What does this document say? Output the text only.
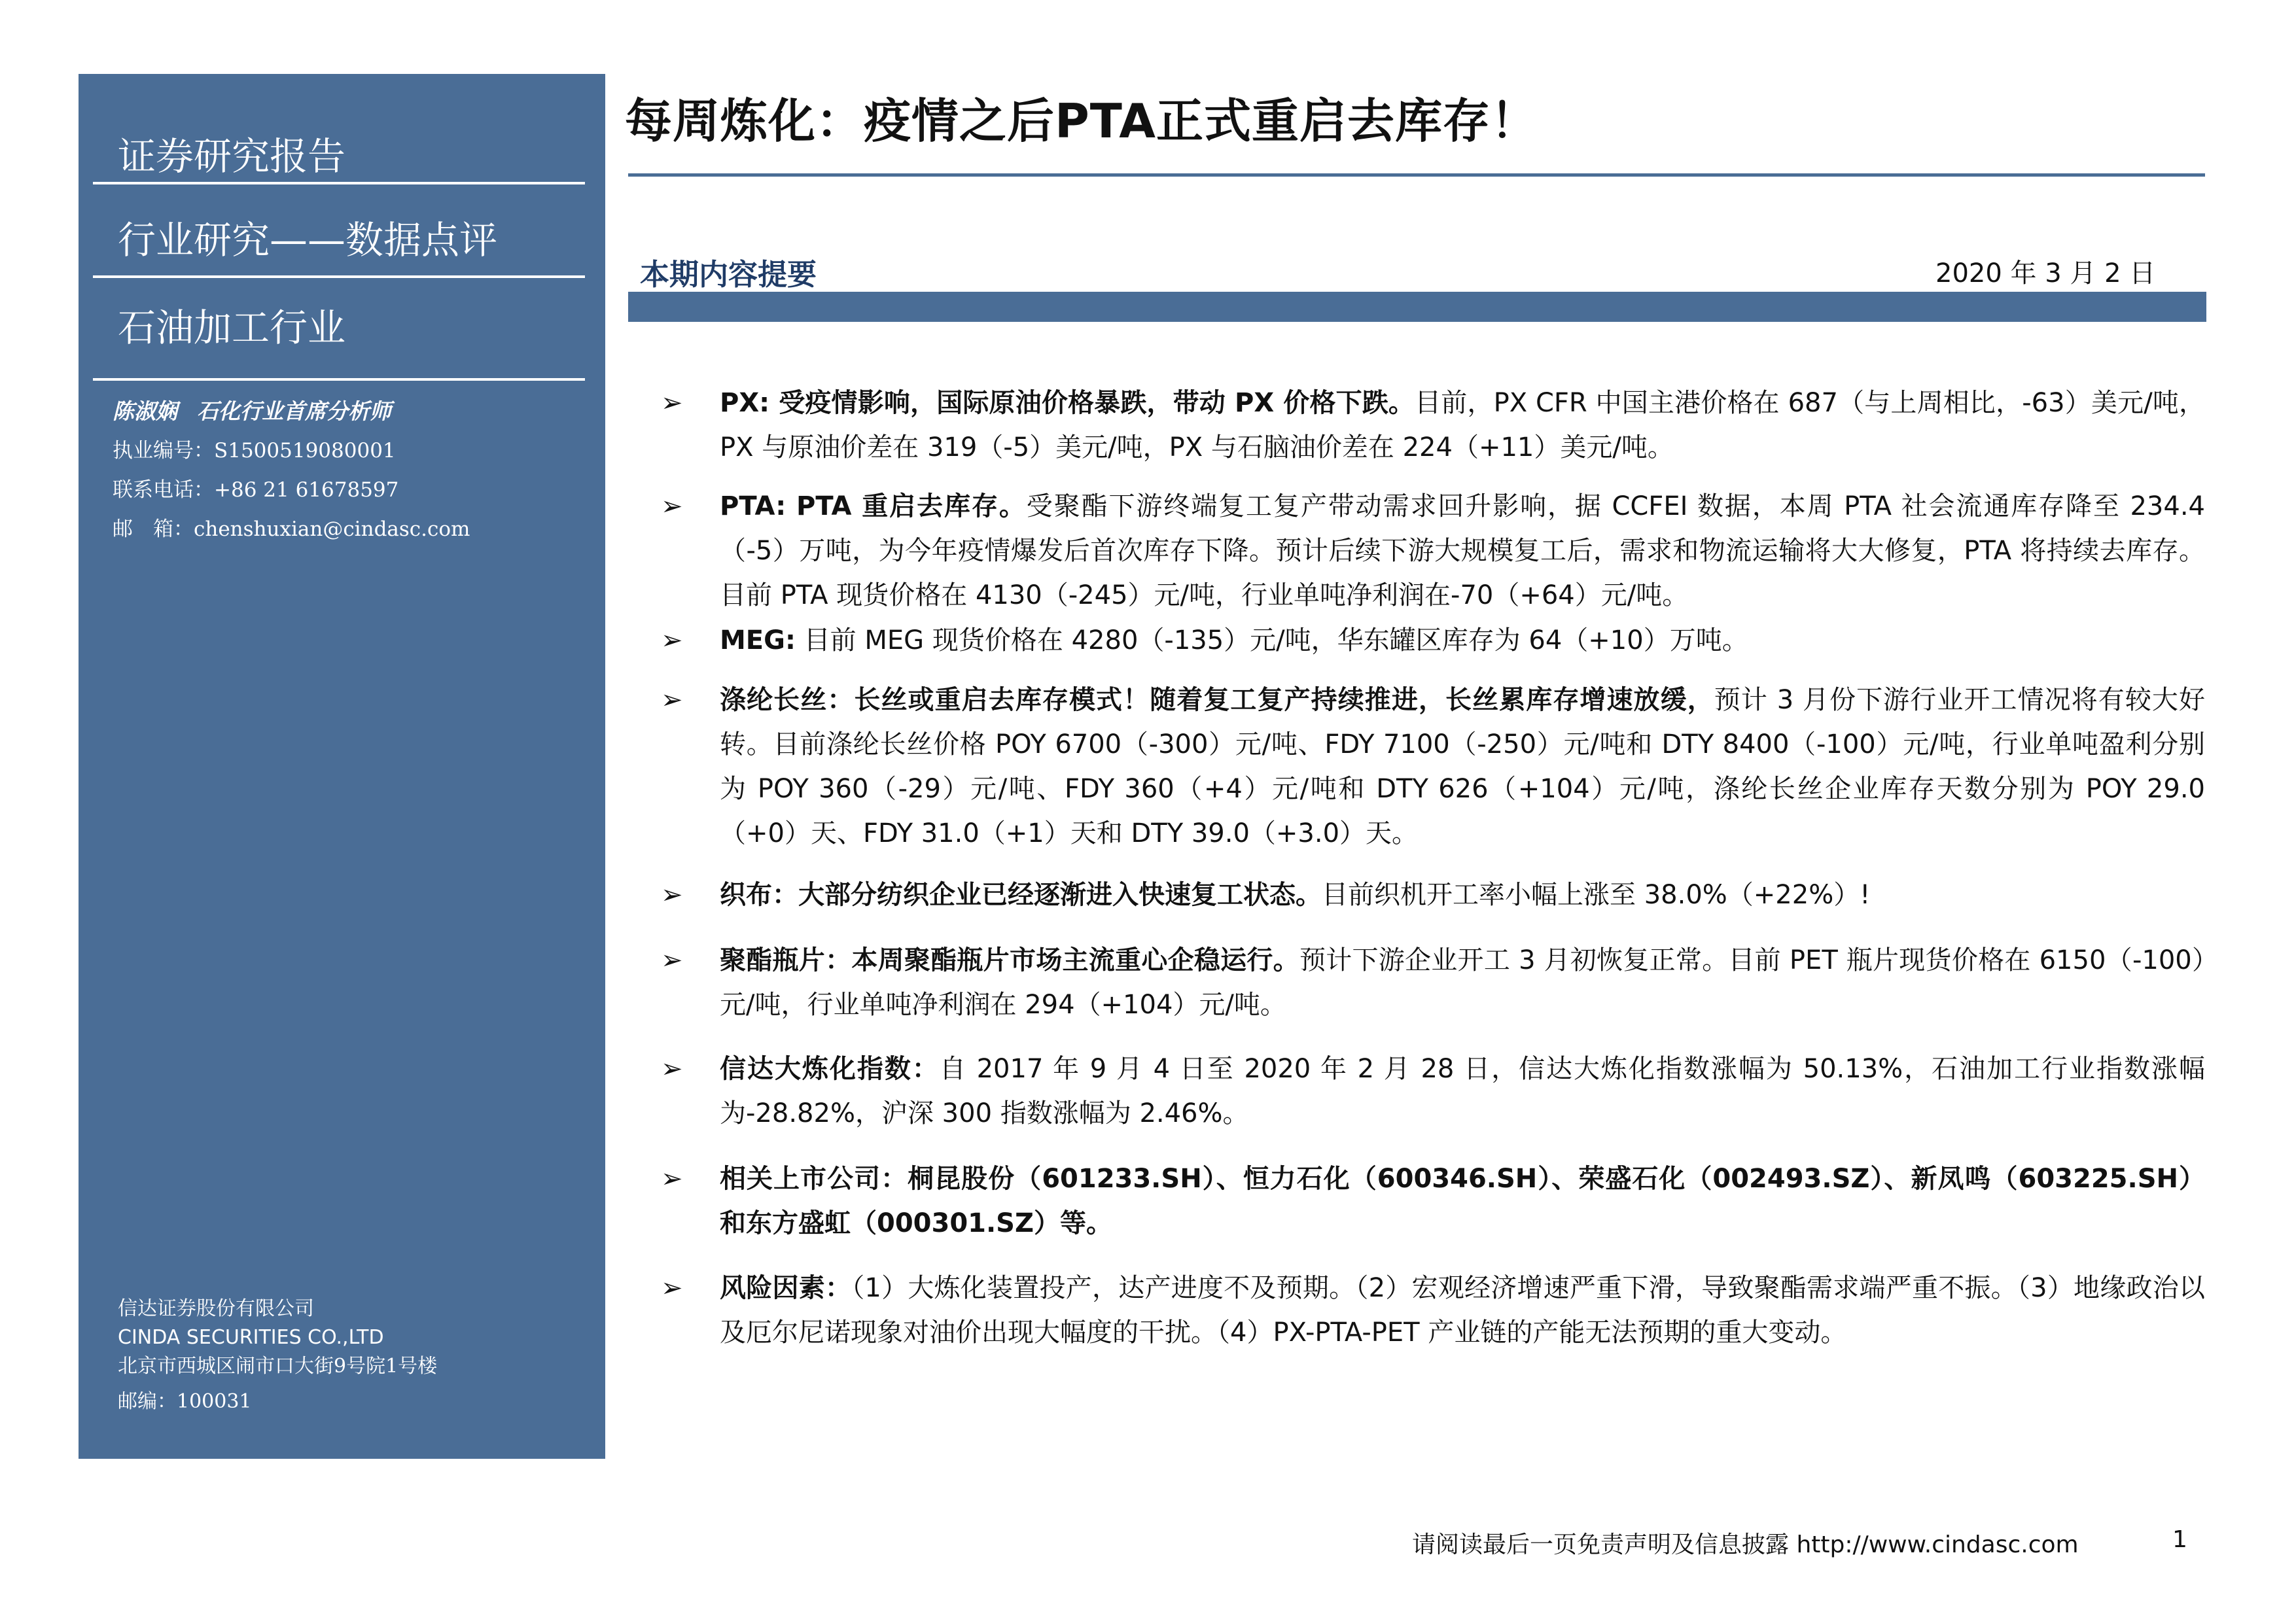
证券研究报告
行业研究——数据点评
石油加工行业
陈淑娴 石化行业首席分析师
执业编号：S1500519080001
联系电话：+86 21 61678597
邮　箱：chenshuxian@cindasc.com
信达证券股份有限公司
CINDA SECURITIES CO.,LTD
北京市西城区闹市口大街9号院1号楼
邮编：100031
每周炼化：疫情之后PTA正式重启去库存！
本期内容提要	2020 年 3 月 2 日
➢ PX: 受疫情影响，国际原油价格暴跌，带动 PX 价格下跌。目前，PX CFR 中国主港价格在 687（与上周相比，-63）美元/吨，PX 与原油价差在 319（-5）美元/吨，PX 与石脑油价差在 224（+11）美元/吨。
➢ PTA: PTA 重启去库存。受聚酯下游终端复工复产带动需求回升影响，据 CCFEI 数据，本周 PTA 社会流通库存降至 234.4（-5）万吨，为今年疫情爆发后首次库存下降。预计后续下游大规模复工后，需求和物流运输将大大修复，PTA 将持续去库存。目前 PTA 现货价格在 4130（-245）元/吨，行业单吨净利润在-70（+64）元/吨。
➢ MEG: 目前 MEG 现货价格在 4280（-135）元/吨，华东罐区库存为 64（+10）万吨。
➢ 涤纶长丝：长丝或重启去库存模式！随着复工复产持续推进，长丝累库存增速放缓，预计 3 月份下游行业开工情况将有较大好转。目前涤纶长丝价格 POY 6700（-300）元/吨、FDY 7100（-250）元/吨和 DTY 8400（-100）元/吨，行业单吨盈利分别为 POY 360（-29）元/吨、FDY 360（+4）元/吨和 DTY 626（+104）元/吨，涤纶长丝企业库存天数分别为 POY 29.0（+0）天、FDY 31.0（+1）天和 DTY 39.0（+3.0）天。
➢ 织布：大部分纺织企业已经逐渐进入快速复工状态。目前织机开工率小幅上涨至 38.0%（+22%）!
➢ 聚酯瓶片：本周聚酯瓶片市场主流重心企稳运行。预计下游企业开工 3 月初恢复正常。目前 PET 瓶片现货价格在 6150（-100）元/吨，行业单吨净利润在 294（+104）元/吨。
➢ 信达大炼化指数：自 2017 年 9 月 4 日至 2020 年 2 月 28 日，信达大炼化指数涨幅为 50.13%，石油加工行业指数涨幅为-28.82%，沪深 300 指数涨幅为 2.46%。
➢ 相关上市公司：桐昆股份（601233.SH）、恒力石化（600346.SH）、荣盛石化（002493.SZ）、新凤鸣（603225.SH）和东方盛虹（000301.SZ）等。
➢ 风险因素：（1）大炼化装置投产，达产进度不及预期。（2）宏观经济增速严重下滑，导致聚酯需求端严重不振。（3）地缘政治以及厄尔尼诺现象对油价出现大幅度的干扰。（4）PX-PTA-PET 产业链的产能无法预期的重大变动。
请阅读最后一页免责声明及信息披露 http://www.cindasc.com	1
